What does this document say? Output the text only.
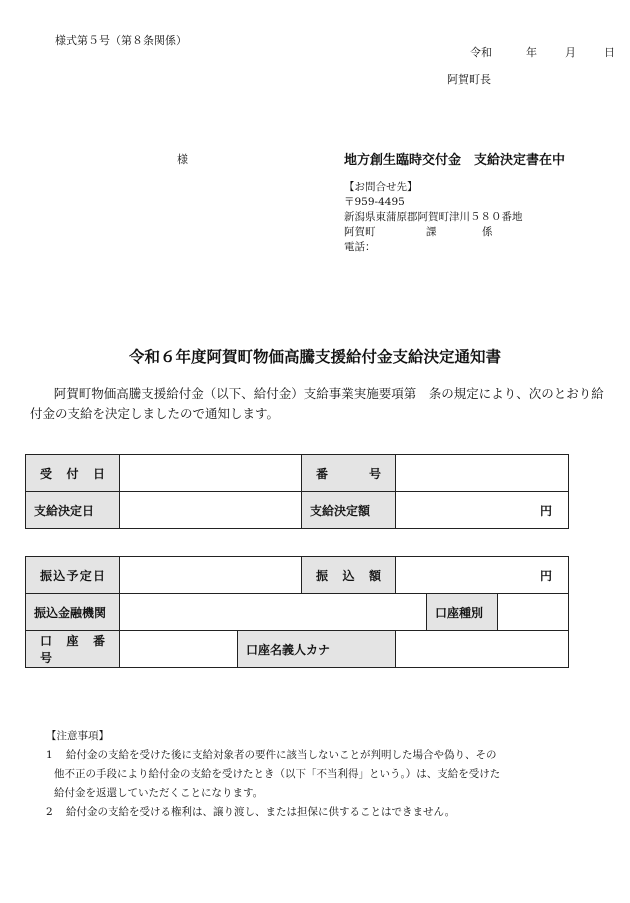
様式第５号（第８条関係）
令和	年	月	日
阿賀町長
様	地方創生臨時交付金　支給決定書在中
【お問合せ先】
〒959-4495
新潟県東蒲原郡阿賀町津川５８０番地
阿賀町	課	係
電話：
令和６年度阿賀町物価高騰支援給付金支給決定通知書
阿賀町物価高騰支援給付金（以下、給付金）支給事業実施要項第　条の規定により、次のとおり給付金の支給を決定しましたので通知します。
受　付　日		番　　号	
支給決定日		支給決定額	円
振込予定日			振　込　額	円		
振込金融機関					口座種別	
口　座　番　号		口座名義人カナ				
【注意事項】
1 給付金の支給を受けた後に支給対象者の要件に該当しないことが判明した場合や偽り、その
他不正の手段により給付金の支給を受けたとき（以下「不当利得」という。）は、支給を受けた
給付金を返還していただくことになります。
2 給付金の支給を受ける権利は、譲り渡し、または担保に供することはできません。
